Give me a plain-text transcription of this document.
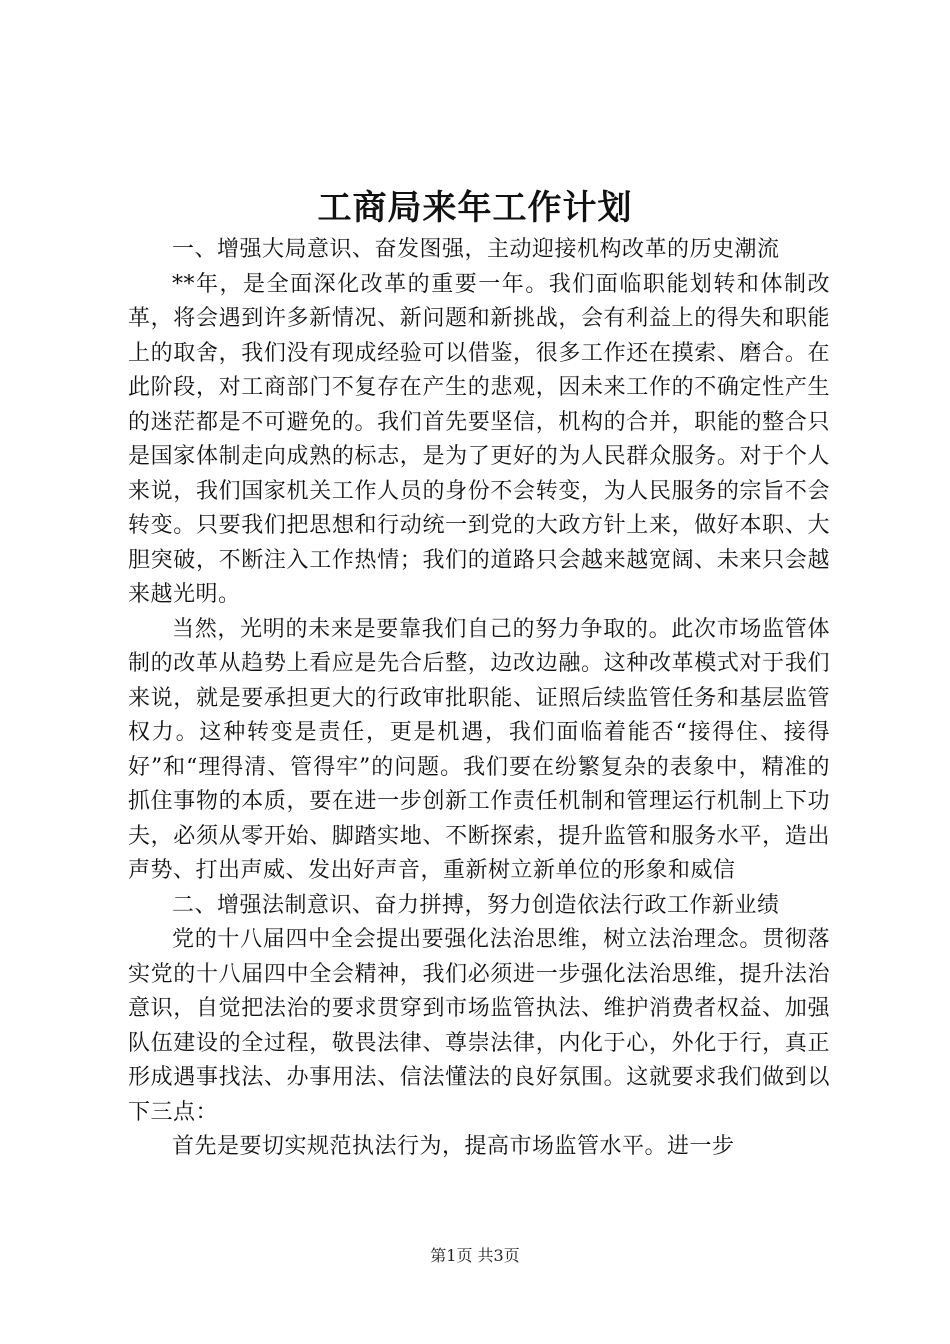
工商局来年工作计划

一、增强大局意识、奋发图强，主动迎接机构改革的历史潮流

**年，是全面深化改革的重要一年。我们面临职能划转和体制改革，将会遇到许多新情况、新问题和新挑战，会有利益上的得失和职能上的取舍，我们没有现成经验可以借鉴，很多工作还在摸索、磨合。在此阶段，对工商部门不复存在产生的悲观，因未来工作的不确定性产生的迷茫都是不可避免的。我们首先要坚信，机构的合并，职能的整合只是国家体制走向成熟的标志，是为了更好的为人民群众服务。对于个人来说，我们国家机关工作人员的身份不会转变，为人民服务的宗旨不会转变。只要我们把思想和行动统一到党的大政方针上来，做好本职、大胆突破，不断注入工作热情；我们的道路只会越来越宽阔、未来只会越来越光明。

当然，光明的未来是要靠我们自己的努力争取的。此次市场监管体制的改革从趋势上看应是先合后整，边改边融。这种改革模式对于我们来说，就是要承担更大的行政审批职能、证照后续监管任务和基层监管权力。这种转变是责任，更是机遇，我们面临着能否“接得住、接得好”和“理得清、管得牢”的问题。我们要在纷繁复杂的表象中，精准的抓住事物的本质，要在进一步创新工作责任机制和管理运行机制上下功夫，必须从零开始、脚踏实地、不断探索，提升监管和服务水平，造出声势、打出声威、发出好声音，重新树立新单位的形象和威信

二、增强法制意识、奋力拼搏，努力创造依法行政工作新业绩

党的十八届四中全会提出要强化法治思维，树立法治理念。贯彻落实党的十八届四中全会精神，我们必须进一步强化法治思维，提升法治意识，自觉把法治的要求贯穿到市场监管执法、维护消费者权益、加强队伍建设的全过程，敬畏法律、尊崇法律，内化于心，外化于行，真正形成遇事找法、办事用法、信法懂法的良好氛围。这就要求我们做到以下三点：

首先是要切实规范执法行为，提高市场监管水平。进一步

第1页 共3页
